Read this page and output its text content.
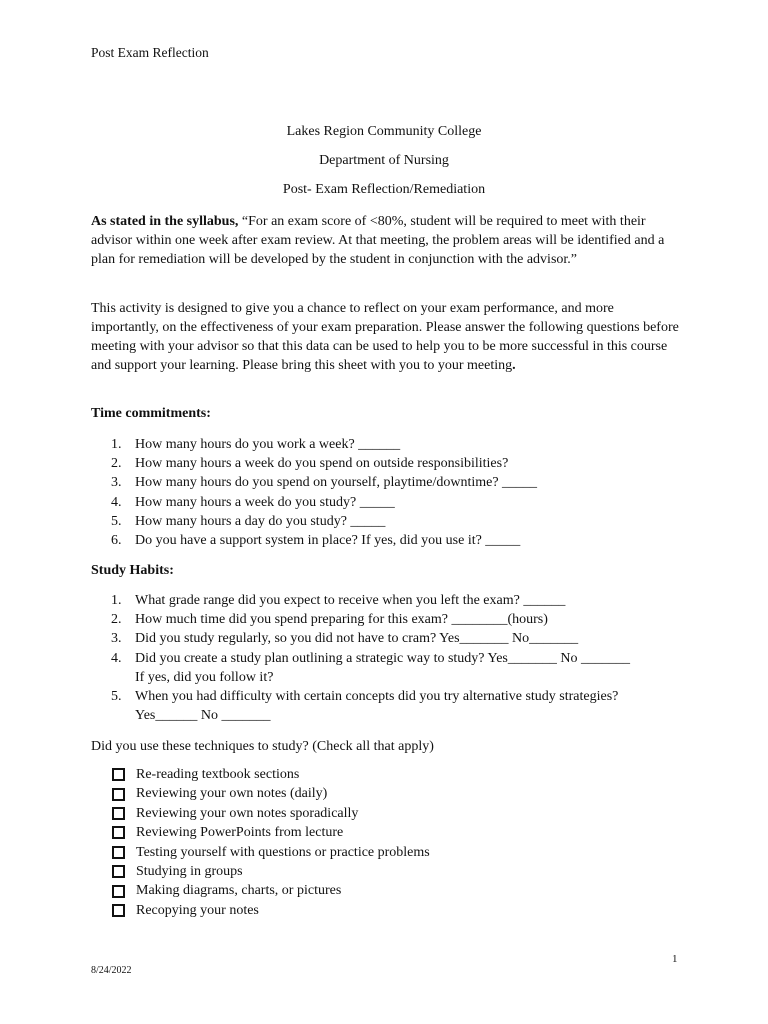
Post Exam Reflection
Lakes Region Community College
Department of Nursing
Post- Exam Reflection/Remediation
As stated in the syllabus, “For an exam score of <80%, student will be required to meet with their advisor within one week after exam review. At that meeting, the problem areas will be identified and a plan for remediation will be developed by the student in conjunction with the advisor.”
This activity is designed to give you a chance to reflect on your exam performance, and more importantly, on the effectiveness of your exam preparation. Please answer the following questions before meeting with your advisor so that this data can be used to help you to be more successful in this course and support your learning. Please bring this sheet with you to your meeting.
Time commitments:
1. How many hours do you work a week? ______
2. How many hours a week do you spend on outside responsibilities?
3. How many hours do you spend on yourself, playtime/downtime? _____
4. How many hours a week do you study? _____
5. How many hours a day do you study? _____
6. Do you have a support system in place? If yes, did you use it? _____
Study Habits:
1. What grade range did you expect to receive when you left the exam? ______
2. How much time did you spend preparing for this exam? ________(hours)
3. Did you study regularly, so you did not have to cram? Yes_______ No_______
4. Did you create a study plan outlining a strategic way to study? Yes_______ No _______
If yes, did you follow it?
5. When you had difficulty with certain concepts did you try alternative study strategies?
Yes______ No _______
Did you use these techniques to study? (Check all that apply)
Re-reading textbook sections
Reviewing your own notes (daily)
Reviewing your own notes sporadically
Reviewing PowerPoints from lecture
Testing yourself with questions or practice problems
Studying in groups
Making diagrams, charts, or pictures
Recopying your notes
1
8/24/2022
